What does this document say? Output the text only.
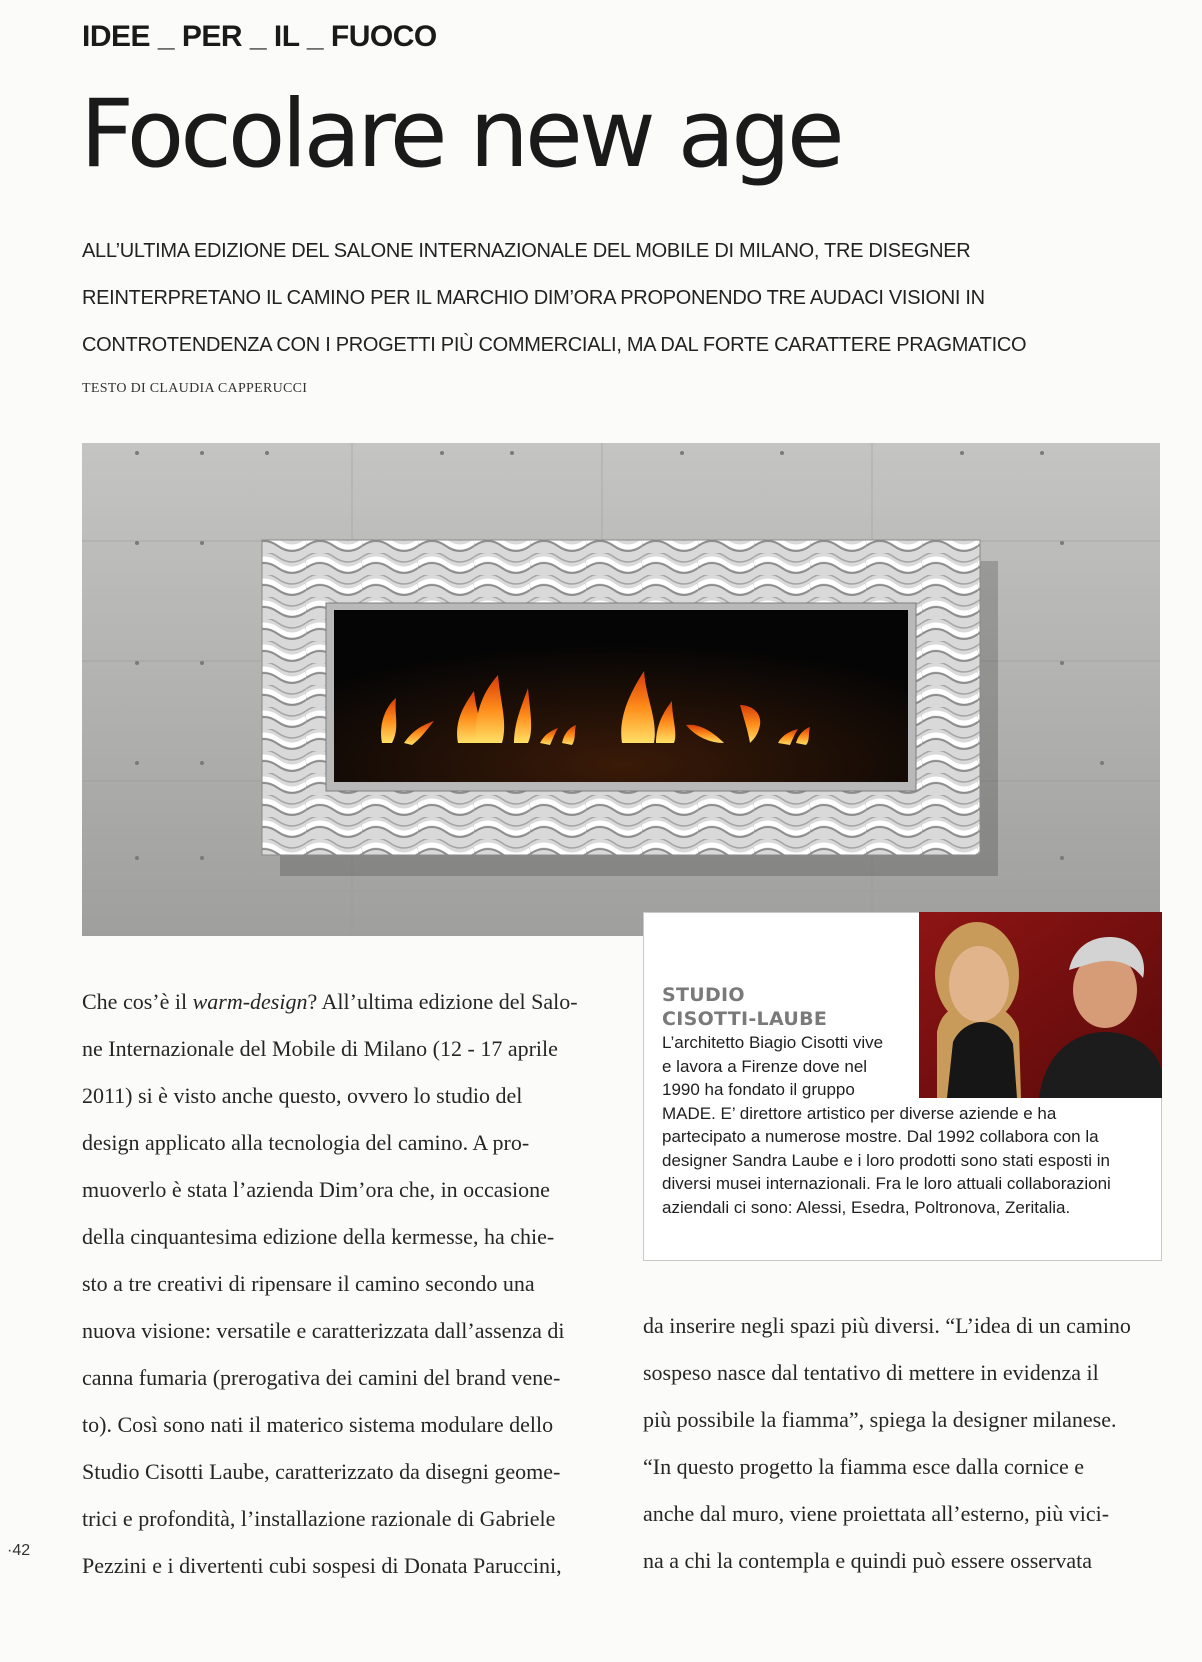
IDEE _ PER _ IL _ FUOCO
Focolare new age
ALL’ULTIMA EDIZIONE DEL SALONE INTERNAZIONALE DEL MOBILE DI MILANO, TRE DISEGNER
REINTERPRETANO IL CAMINO PER IL MARCHIO DIM’ORA PROPONENDO TRE AUDACI VISIONI IN
CONTROTENDENZA CON I PROGETTI PIÙ COMMERCIALI, MA DAL FORTE CARATTERE PRAGMATICO
TESTO DI CLAUDIA CAPPERUCCI
STUDIO
CISOTTI-LAUBE
L’architetto Biagio Cisotti vive
e lavora a Firenze dove nel
1990 ha fondato il gruppo
MADE. E’ direttore artistico per diverse aziende e ha
partecipato a numerose mostre. Dal 1992 collabora con la
designer Sandra Laube e i loro prodotti sono stati esposti in
diversi musei internazionali. Fra le loro attuali collaborazioni
aziendali ci sono: Alessi, Esedra, Poltronova, Zeritalia.
Che cos’è il warm-design? All’ultima edizione del Salo-
ne Internazionale del Mobile di Milano (12 - 17 aprile
2011) si è visto anche questo, ovvero lo studio del
design applicato alla tecnologia del camino. A pro-
muoverlo è stata l’azienda Dim’ora che, in occasione
della cinquantesima edizione della kermesse, ha chie-
sto a tre creativi di ripensare il camino secondo una
nuova visione: versatile e caratterizzata dall’assenza di
canna fumaria (prerogativa dei camini del brand vene-
to). Così sono nati il materico sistema modulare dello
Studio Cisotti Laube, caratterizzato da disegni geome-
trici e profondità, l’installazione razionale di Gabriele
Pezzini e i divertenti cubi sospesi di Donata Paruccini,
da inserire negli spazi più diversi. “L’idea di un camino
sospeso nasce dal tentativo di mettere in evidenza il
più possibile la fiamma”, spiega la designer milanese.
“In questo progetto la fiamma esce dalla cornice e
anche dal muro, viene proiettata all’esterno, più vici-
na a chi la contempla e quindi può essere osservata
·42
